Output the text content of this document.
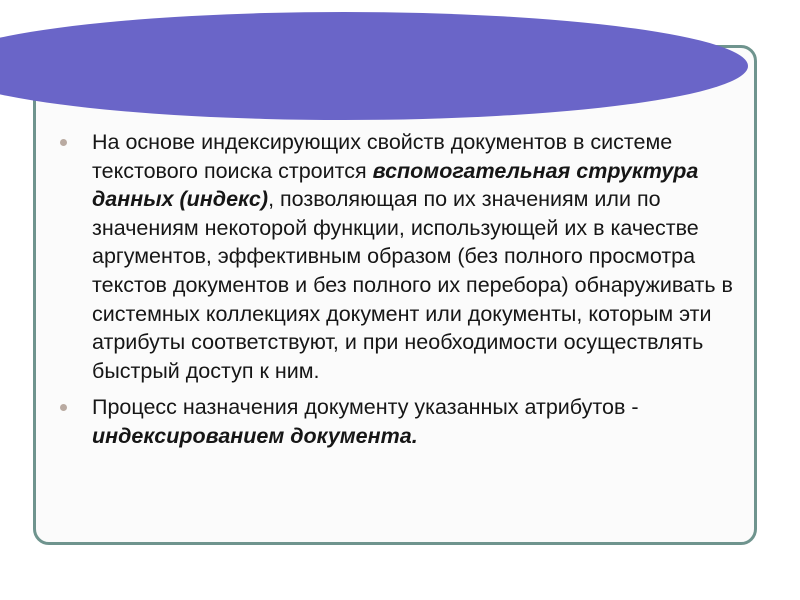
На основе индексирующих свойств документов в системе текстового поиска строится вспомогательная структура данных (индекс), позволяющая по их значениям или по значениям некоторой функции, использующей их в качестве аргументов, эффективным образом (без полного просмотра текстов документов и без полного их перебора) обнаруживать в системных коллекциях документ или документы, которым эти атрибуты соответствуют, и при необходимости осуществлять быстрый доступ к ним.
Процесс назначения документу указанных атрибутов - индексированием документа.
